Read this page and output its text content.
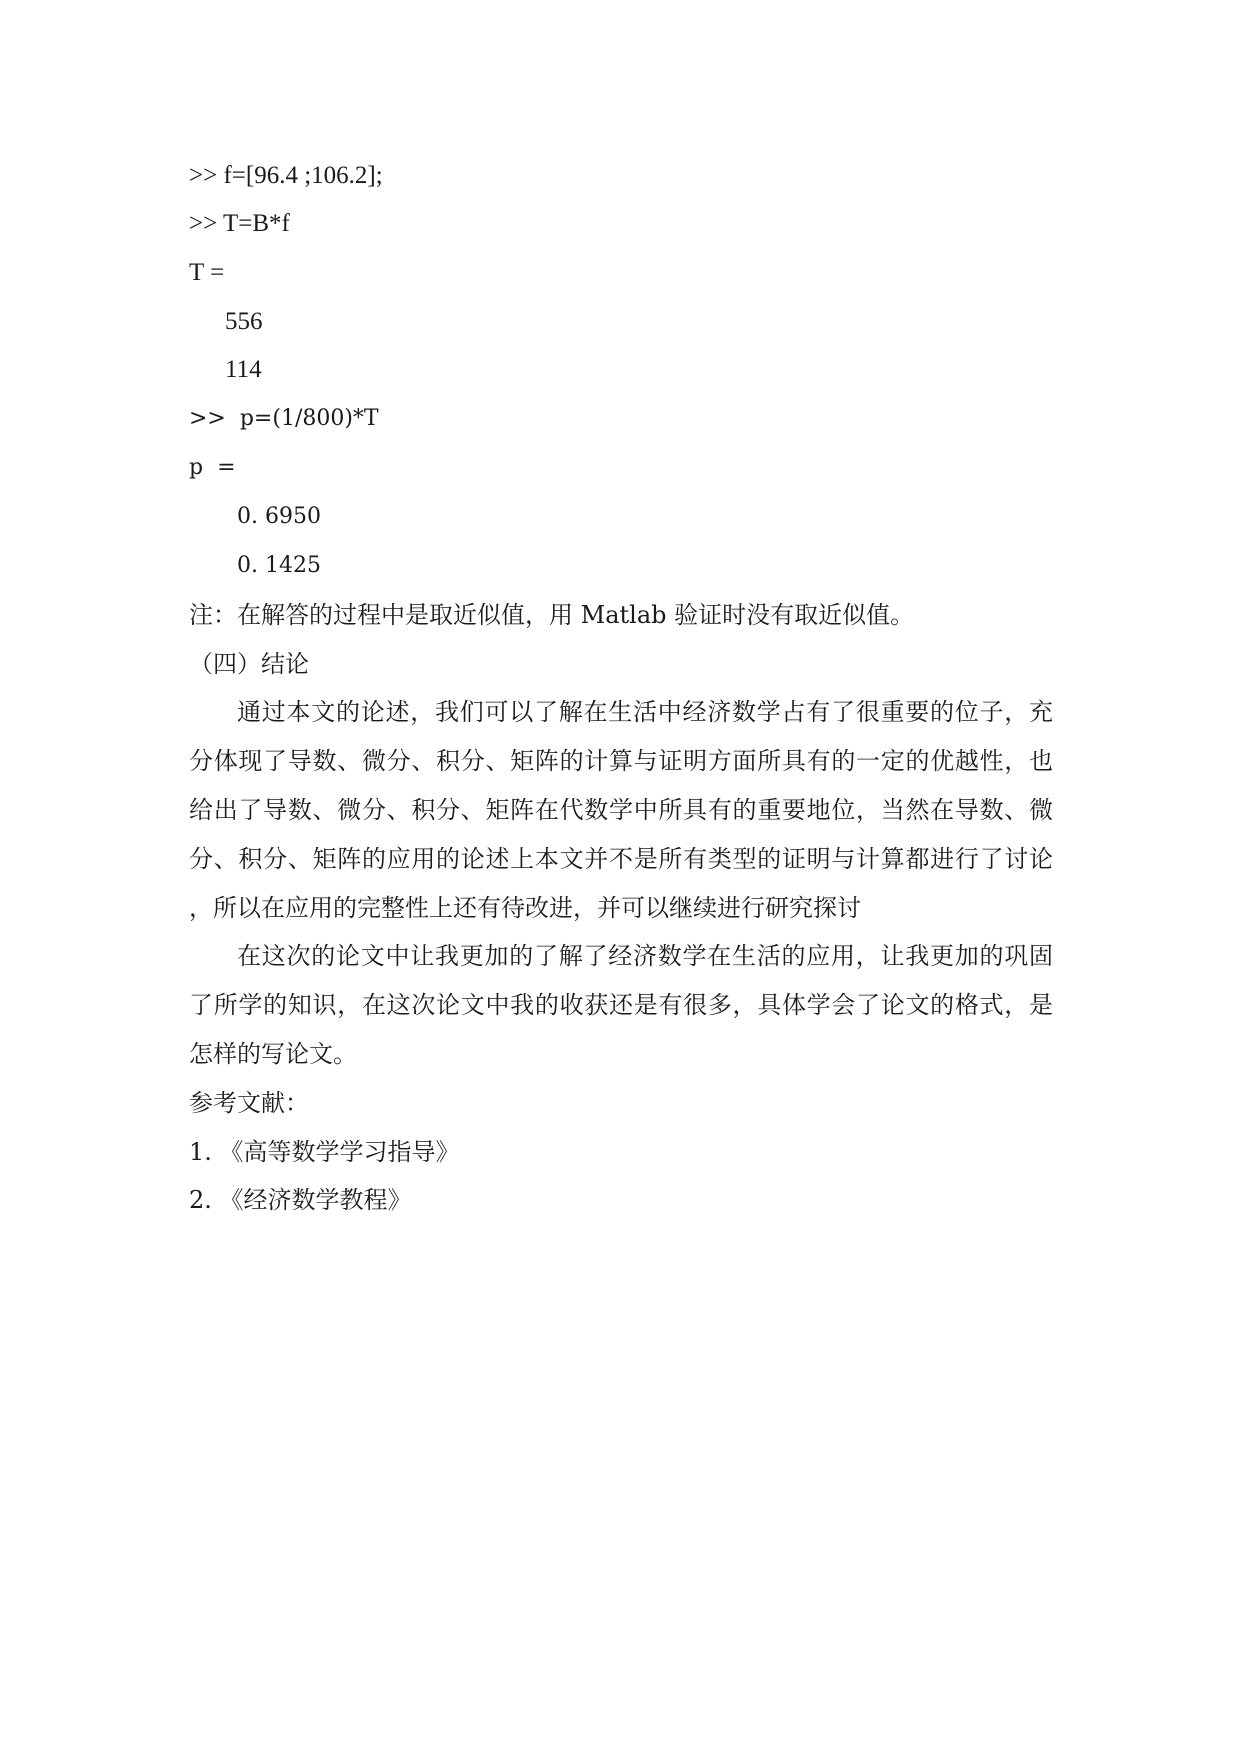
>> f=[96.4 ;106.2];
>> T=B*f
T =
556
114
>>  p=(1/800)*T
p  =
0. 6950
0. 1425
注：在解答的过程中是取近似值，用 Matlab 验证时没有取近似值。
（四）结论
通过本文的论述，我们可以了解在生活中经济数学占有了很重要的位子，充
分体现了导数、微分、积分、矩阵的计算与证明方面所具有的一定的优越性，也
给出了导数、微分、积分、矩阵在代数学中所具有的重要地位，当然在导数、微
分、积分、矩阵的应用的论述上本文并不是所有类型的证明与计算都进行了讨论
，所以在应用的完整性上还有待改进，并可以继续进行研究探讨
在这次的论文中让我更加的了解了经济数学在生活的应用，让我更加的巩固
了所学的知识，在这次论文中我的收获还是有很多，具体学会了论文的格式，是
怎样的写论文。
参考文献：
1. 《高等数学学习指导》
2. 《经济数学教程》
